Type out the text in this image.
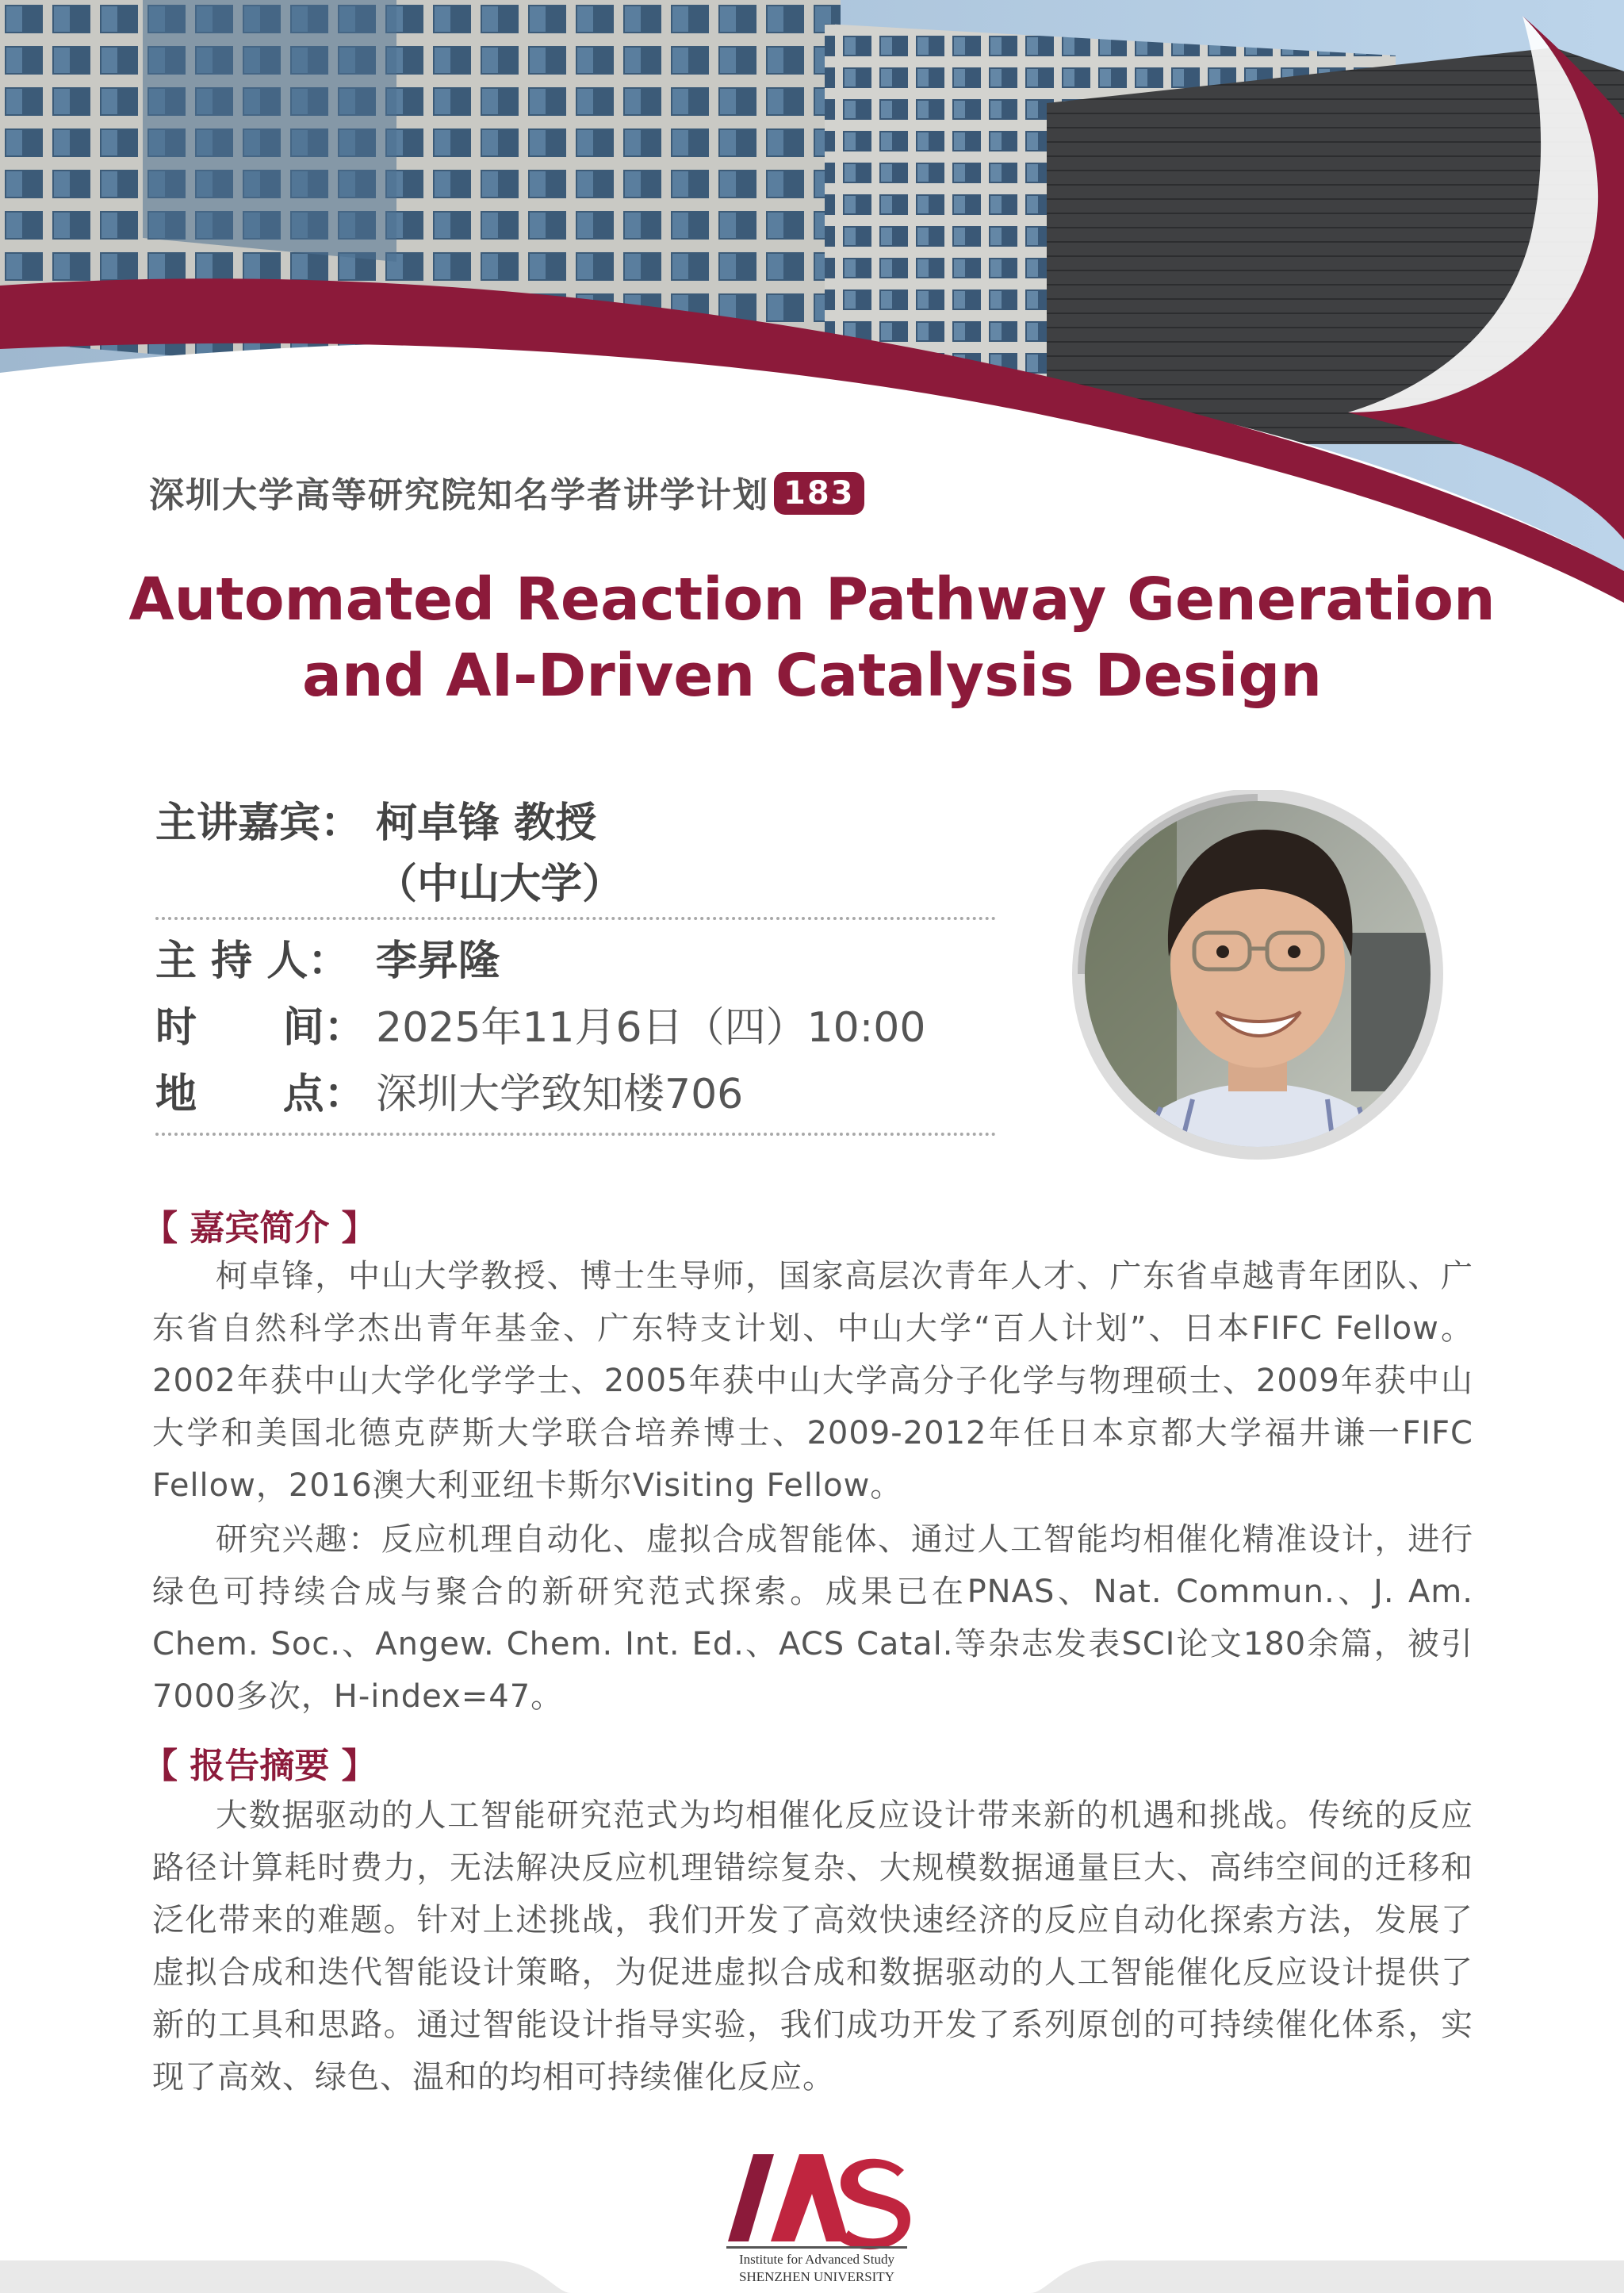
深圳大学高等研究院知名学者讲学计划 183
Automated Reaction Pathway Generation
and AI-Driven Catalysis Design
主讲嘉宾： 柯卓锋 教授
（中山大学）
主 持 人： 李昇隆
时      间： 2025年11月6日（四）10:00
地      点： 深圳大学致知楼706
【 嘉宾简介 】
柯卓锋，中山大学教授、博士生导师，国家高层次青年人才、广东省卓越青年团队、广东省自然科学杰出青年基金、广东特支计划、中山大学“百人计划”、日本FIFC Fellow。2002年获中山大学化学学士、2005年获中山大学高分子化学与物理硕士、2009年获中山大学和美国北德克萨斯大学联合培养博士、2009-2012年任日本京都大学福井谦一FIFC Fellow，2016澳大利亚纽卡斯尔Visiting Fellow。
研究兴趣：反应机理自动化、虚拟合成智能体、通过人工智能均相催化精准设计，进行绿色可持续合成与聚合的新研究范式探索。成果已在PNAS、Nat. Commun.、J. Am. Chem. Soc.、Angew. Chem. Int. Ed.、ACS Catal.等杂志发表SCI论文180余篇，被引7000多次，H-index=47。
【 报告摘要 】
大数据驱动的人工智能研究范式为均相催化反应设计带来新的机遇和挑战。传统的反应路径计算耗时费力，无法解决反应机理错综复杂、大规模数据通量巨大、高纬空间的迁移和泛化带来的难题。针对上述挑战，我们开发了高效快速经济的反应自动化探索方法，发展了虚拟合成和迭代智能设计策略，为促进虚拟合成和数据驱动的人工智能催化反应设计提供了新的工具和思路。通过智能设计指导实验，我们成功开发了系列原创的可持续催化体系，实现了高效、绿色、温和的均相可持续催化反应。
Institute for Advanced Study
SHENZHEN UNIVERSITY
